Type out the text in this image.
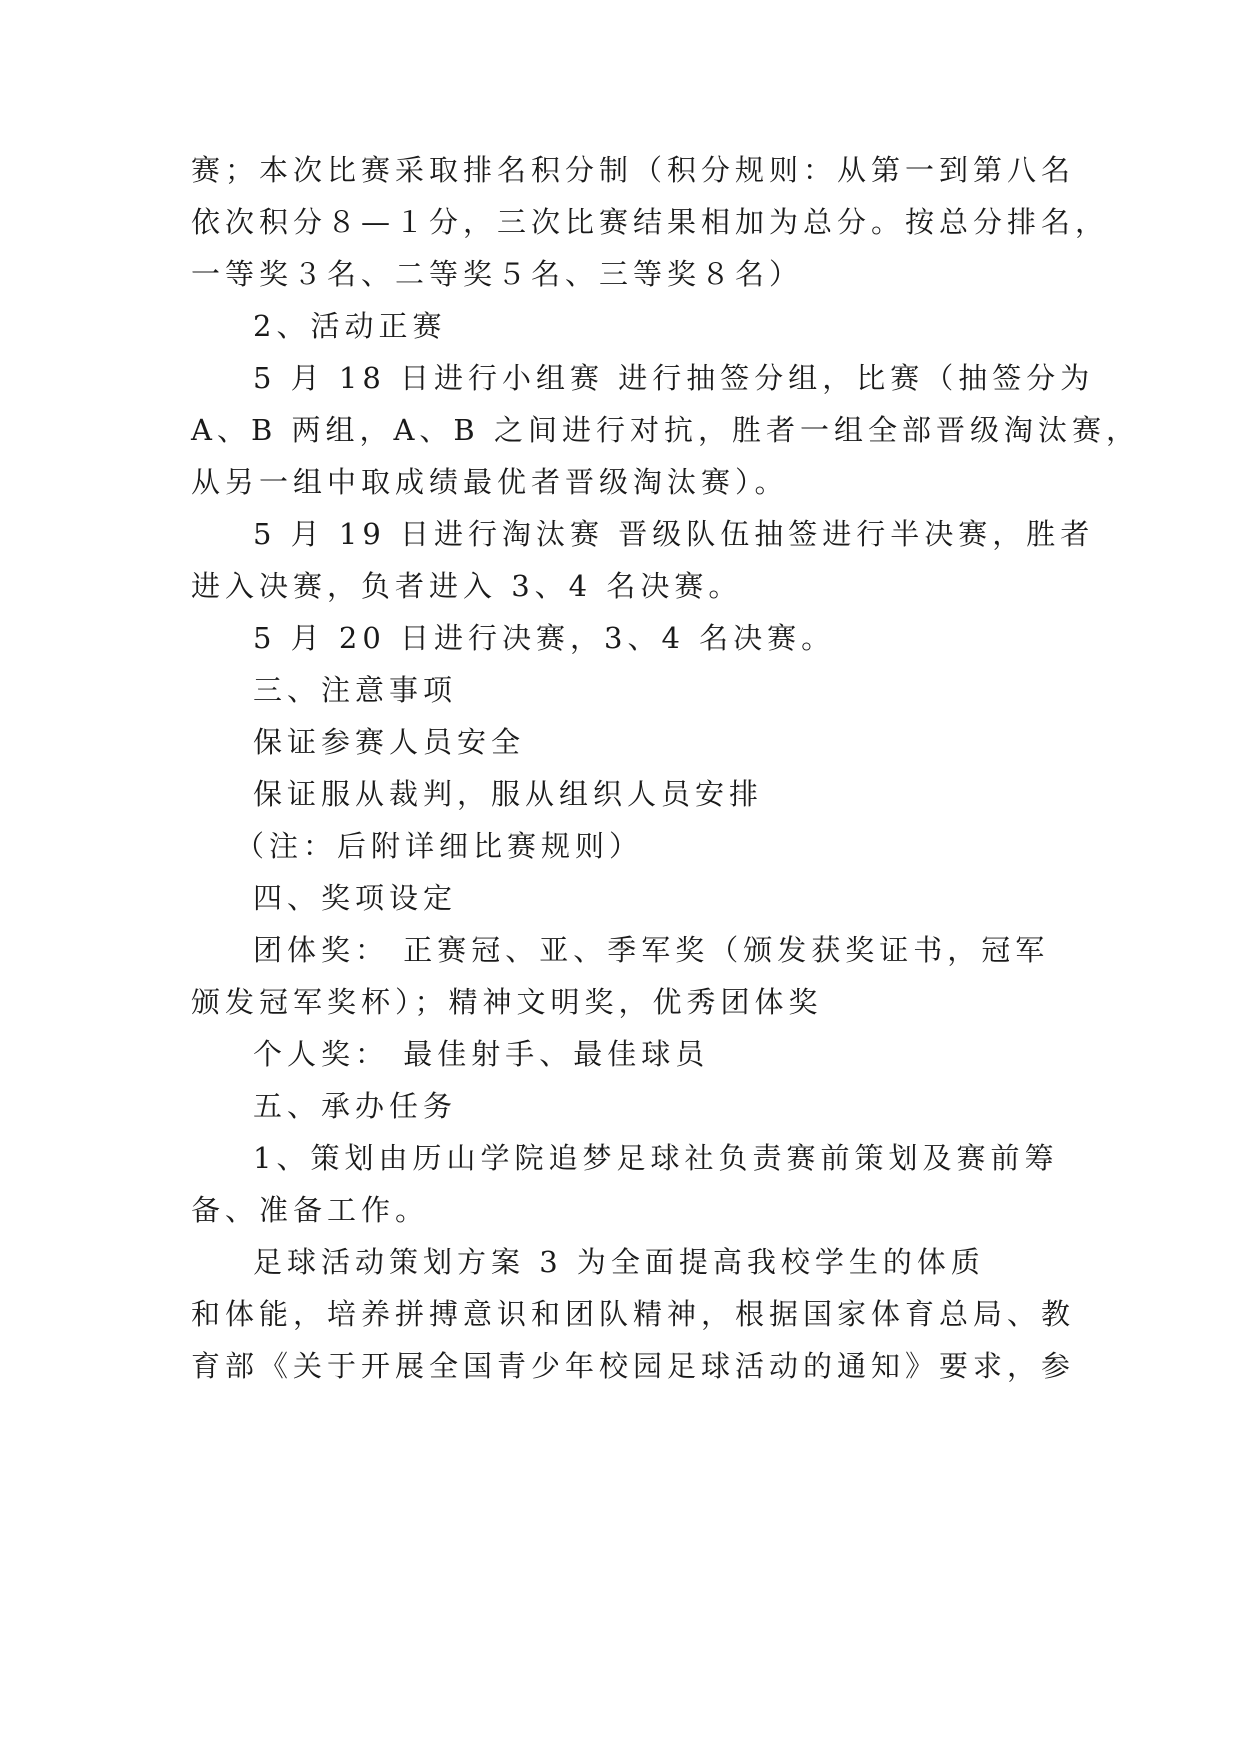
赛；本次比赛采取排名积分制（积分规则：从第一到第八名
依次积分８—１分，三次比赛结果相加为总分。按总分排名，
一等奖３名、二等奖５名、三等奖８名）
2、活动正赛
5 月 18 日进行小组赛 进行抽签分组，比赛（抽签分为
A、B 两组，A、B 之间进行对抗，胜者一组全部晋级淘汰赛，
从另一组中取成绩最优者晋级淘汰赛）。
5 月 19 日进行淘汰赛 晋级队伍抽签进行半决赛，胜者
进入决赛，负者进入 3、4 名决赛。
5 月 20 日进行决赛，3、4 名决赛。
三、注意事项
保证参赛人员安全
保证服从裁判，服从组织人员安排
（注：后附详细比赛规则）
四、奖项设定
团体奖： 正赛冠、亚、季军奖（颁发获奖证书，冠军
颁发冠军奖杯）；精神文明奖，优秀团体奖
个人奖： 最佳射手、最佳球员
五、承办任务
1、策划由历山学院追梦足球社负责赛前策划及赛前筹
备、准备工作。
足球活动策划方案 3 为全面提高我校学生的体质
和体能，培养拼搏意识和团队精神，根据国家体育总局、教
育部《关于开展全国青少年校园足球活动的通知》要求，参
